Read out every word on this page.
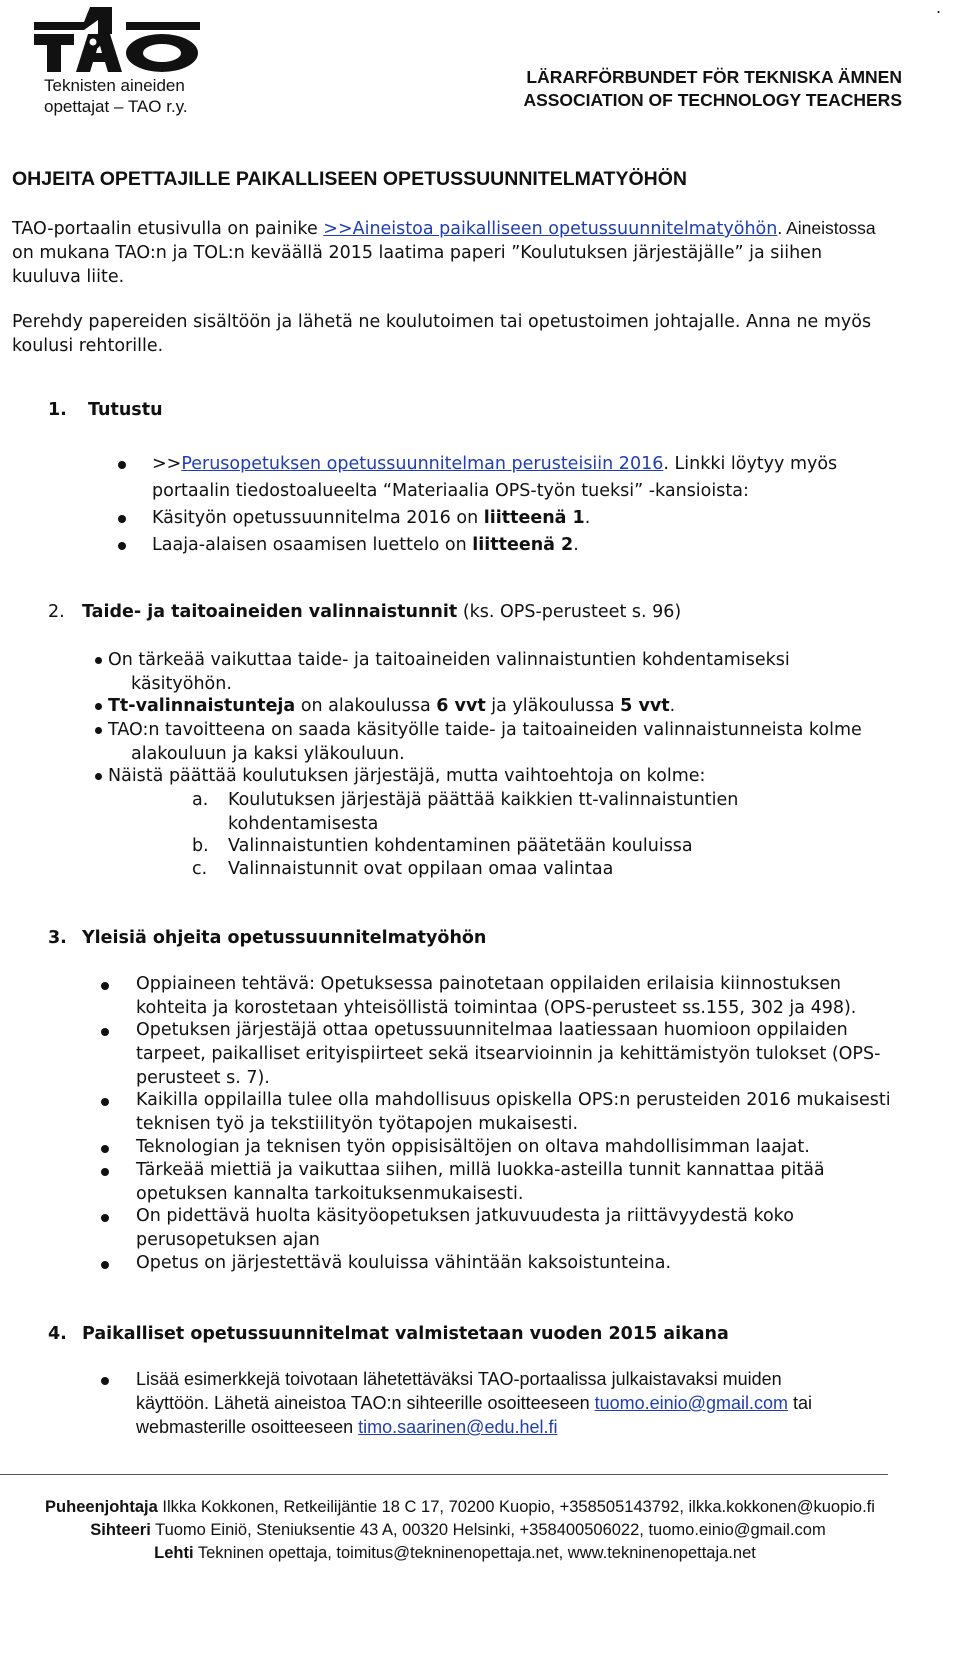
Teknisten aineiden
opettajat – TAO r.y.
.
LÄRARFÖRBUNDET FÖR TEKNISKA ÄMNEN
ASSOCIATION OF TECHNOLOGY TEACHERS
OHJEITA OPETTAJILLE PAIKALLISEEN OPETUSSUUNNITELMATYÖHÖN
TAO-portaalin etusivulla on painike >>Aineistoa paikalliseen opetussuunnitelmatyöhön. Aineistossa
on mukana TAO:n ja TOL:n keväällä 2015 laatima paperi ”Koulutuksen järjestäjälle” ja siihen
kuuluva liite.
Perehdy papereiden sisältöön ja lähetä ne koulutoimen tai opetustoimen johtajalle. Anna ne myös
koulusi rehtorille.
1. Tutustu
>>Perusopetuksen opetussuunnitelman perusteisiin 2016. Linkki löytyy myös
portaalin tiedostoalueelta “Materiaalia OPS-työn tueksi” -kansioista:
Käsityön opetussuunnitelma 2016 on liitteenä 1.
Laaja-alaisen osaamisen luettelo on liitteenä 2.
2. Taide- ja taitoaineiden valinnaistunnit (ks. OPS-perusteet s. 96)
On tärkeää vaikuttaa taide- ja taitoaineiden valinnaistuntien kohdentamiseksi
käsityöhön.
Tt-valinnaistunteja on alakoulussa 6 vvt ja yläkoulussa 5 vvt.
TAO:n tavoitteena on saada käsityölle taide- ja taitoaineiden valinnaistunneista kolme
alakouluun ja kaksi yläkouluun.
Näistä päättää koulutuksen järjestäjä, mutta vaihtoehtoja on kolme:
a. Koulutuksen järjestäjä päättää kaikkien tt-valinnaistuntien
kohdentamisesta
b. Valinnaistuntien kohdentaminen päätetään kouluissa
c. Valinnaistunnit ovat oppilaan omaa valintaa
3. Yleisiä ohjeita opetussuunnitelmatyöhön
Oppiaineen tehtävä: Opetuksessa painotetaan oppilaiden erilaisia kiinnostuksen
kohteita ja korostetaan yhteisöllistä toimintaa (OPS-perusteet ss.155, 302 ja 498).
Opetuksen järjestäjä ottaa opetussuunnitelmaa laatiessaan huomioon oppilaiden
tarpeet, paikalliset erityispiirteet sekä itsearvioinnin ja kehittämistyön tulokset (OPS-
perusteet s. 7).
Kaikilla oppilailla tulee olla mahdollisuus opiskella OPS:n perusteiden 2016 mukaisesti
teknisen työ ja tekstiilityön työtapojen mukaisesti.
Teknologian ja teknisen työn oppisisältöjen on oltava mahdollisimman laajat.
Tärkeää miettiä ja vaikuttaa siihen, millä luokka-asteilla tunnit kannattaa pitää
opetuksen kannalta tarkoituksenmukaisesti.
On pidettävä huolta käsityöopetuksen jatkuvuudesta ja riittävyydestä koko
perusopetuksen ajan
Opetus on järjestettävä kouluissa vähintään kaksoistunteina.
4. Paikalliset opetussuunnitelmat valmistetaan vuoden 2015 aikana
Lisää esimerkkejä toivotaan lähetettäväksi TAO-portaalissa julkaistavaksi muiden
käyttöön. Lähetä aineistoa TAO:n sihteerille osoitteeseen tuomo.einio@gmail.com tai
webmasterille osoitteeseen timo.saarinen@edu.hel.fi
Puheenjohtaja Ilkka Kokkonen, Retkeilijäntie 18 C 17, 70200 Kuopio, +358505143792, ilkka.kokkonen@kuopio.fi
Sihteeri Tuomo Einiö, Steniuksentie 43 A, 00320 Helsinki, +358400506022, tuomo.einio@gmail.com
Lehti Tekninen opettaja, toimitus@tekninenopettaja.net, www.tekninenopettaja.net
